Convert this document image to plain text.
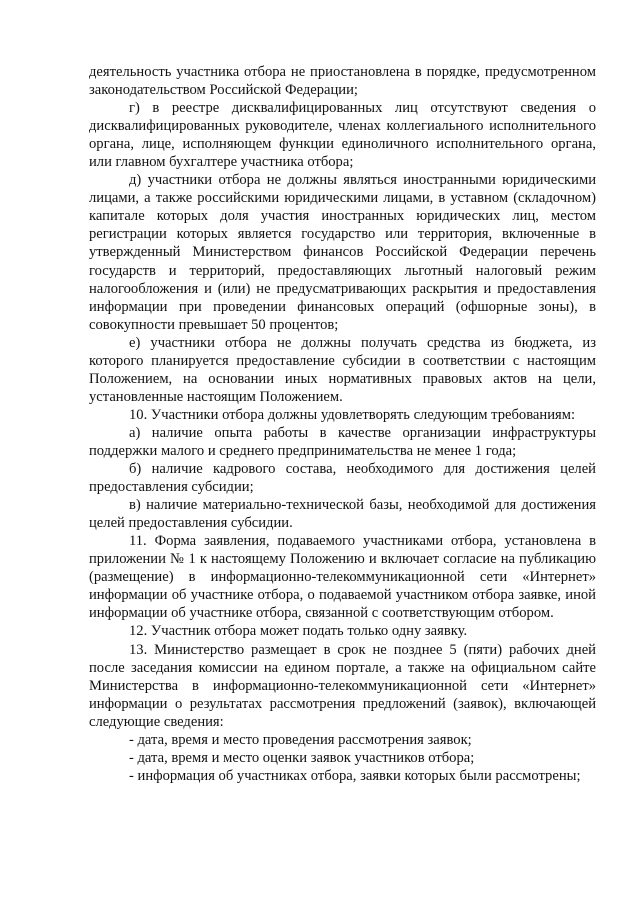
деятельность участника отбора не приостановлена в порядке, предусмотренном законодательством Российской Федерации;

г) в реестре дисквалифицированных лиц отсутствуют сведения о дисквалифицированных руководителе, членах коллегиального исполнительного органа, лице, исполняющем функции единоличного исполнительного органа, или главном бухгалтере участника отбора;

д) участники отбора не должны являться иностранными юридическими лицами, а также российскими юридическими лицами, в уставном (складочном) капитале которых доля участия иностранных юридических лиц, местом регистрации которых является государство или территория, включенные в утвержденный Министерством финансов Российской Федерации перечень государств и территорий, предоставляющих льготный налоговый режим налогообложения и (или) не предусматривающих раскрытия и предоставления информации при проведении финансовых операций (офшорные зоны), в совокупности превышает 50 процентов;

е) участники отбора не должны получать средства из бюджета, из которого планируется предоставление субсидии в соответствии с настоящим Положением, на основании иных нормативных правовых актов на цели, установленные настоящим Положением.

10. Участники отбора должны удовлетворять следующим требованиям:

а) наличие опыта работы в качестве организации инфраструктуры поддержки малого и среднего предпринимательства не менее 1 года;

б) наличие кадрового состава, необходимого для достижения целей предоставления субсидии;

в) наличие материально-технической базы, необходимой для достижения целей предоставления субсидии.

11. Форма заявления, подаваемого участниками отбора, установлена в приложении № 1 к настоящему Положению и включает согласие на публикацию (размещение) в информационно-телекоммуникационной сети «Интернет» информации об участнике отбора, о подаваемой участником отбора заявке, иной информации об участнике отбора, связанной с соответствующим отбором.

12. Участник отбора может подать только одну заявку.

13. Министерство размещает в срок не позднее 5 (пяти) рабочих дней после заседания комиссии на едином портале, а также на официальном сайте Министерства в информационно-телекоммуникационной сети «Интернет» информации о результатах рассмотрения предложений (заявок), включающей следующие сведения:

- дата, время и место проведения рассмотрения заявок;

- дата, время и место оценки заявок участников отбора;

- информация об участниках отбора, заявки которых были рассмотрены;
